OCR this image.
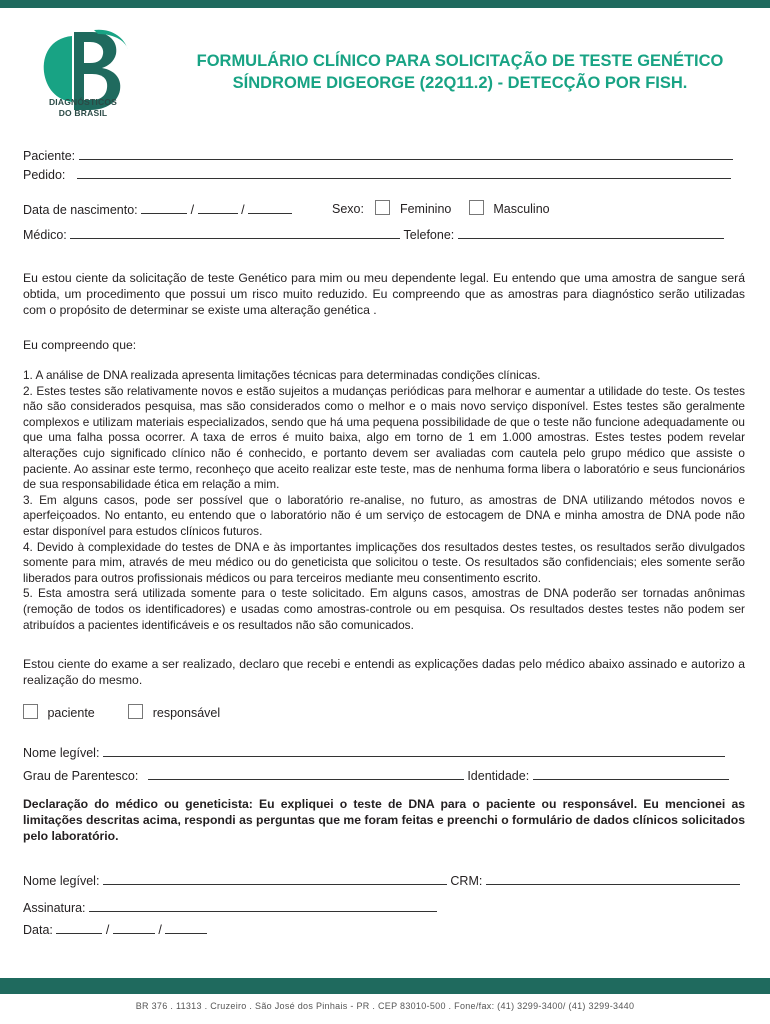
DIAGNÓSTICOS
DO BRASIL
FORMULÁRIO CLÍNICO PARA SOLICITAÇÃO DE TESTE GENÉTICO
SÍNDROME DIGEORGE (22Q11.2) - DETECÇÃO POR FISH.
Paciente:
Pedido:
Data de nascimento:	/	/	Sexo:	Feminino	Masculino
Médico:	Telefone:

Eu estou ciente da solicitação de teste Genético para mim ou meu dependente legal. Eu entendo que uma amostra de sangue será obtida, um procedimento que possui um risco muito reduzido. Eu compreendo que as amostras para diagnóstico serão utilizadas com o propósito de determinar se existe uma alteração genética .

Eu compreendo que:

1. A análise de DNA realizada apresenta limitações técnicas para determinadas condições clínicas.

2. Estes testes são relativamente novos e estão sujeitos a mudanças periódicas para melhorar e aumentar a utilidade do teste. Os testes não são considerados pesquisa, mas são considerados como o melhor e o mais novo serviço disponível. Estes testes são geralmente complexos e utilizam materiais especializados, sendo que há uma pequena possibilidade de que o teste não funcione adequadamente ou que uma falha possa ocorrer. A taxa de erros é muito baixa, algo em torno de 1 em 1.000 amostras. Estes testes podem revelar alterações cujo significado clínico não é conhecido, e portanto devem ser avaliadas com cautela pelo grupo médico que assiste o paciente. Ao assinar este termo, reconheço que aceito realizar este teste, mas de nenhuma forma libera o laboratório e seus funcionários de sua responsabilidade ética em relação a mim.

3. Em alguns casos, pode ser possível que o laboratório re-analise, no futuro, as amostras de DNA utilizando métodos novos e aperfeiçoados. No entanto, eu entendo que o laboratório não é um serviço de estocagem de DNA e minha amostra de DNA pode não estar disponível para estudos clínicos futuros.

4. Devido à complexidade do testes de DNA e às importantes implicações dos resultados destes testes, os resultados serão divulgados somente para mim, através de meu médico ou do geneticista que solicitou o teste. Os resultados são confidenciais; eles somente serão liberados para outros profissionais médicos ou para terceiros mediante meu consentimento escrito.

5. Esta amostra será utilizada somente para o teste solicitado. Em alguns casos, amostras de DNA poderão ser tornadas anônimas (remoção de todos os identificadores) e usadas como amostras-controle ou em pesquisa. Os resultados destes testes não podem ser atribuídos a pacientes identificáveis e os resultados não são comunicados.

Estou ciente do exame a ser realizado, declaro que recebi e entendi as explicações dadas pelo médico abaixo assinado e autorizo a realização do mesmo.

paciente	responsável
Nome legível:
Grau de Parentesco:	Identidade:

Declaração do médico ou geneticista: Eu expliquei o teste de DNA para o paciente ou responsável. Eu mencionei as limitações descritas acima, respondi as perguntas que me foram feitas e preenchi o formulário de dados clínicos solicitados pelo laboratório.

Nome legível:	CRM:
Assinatura:
Data:	/	/
BR 376 . 11313 . Cruzeiro . São José dos Pinhais - PR . CEP 83010-500 . Fone/fax: (41) 3299-3400/ (41) 3299-3440
